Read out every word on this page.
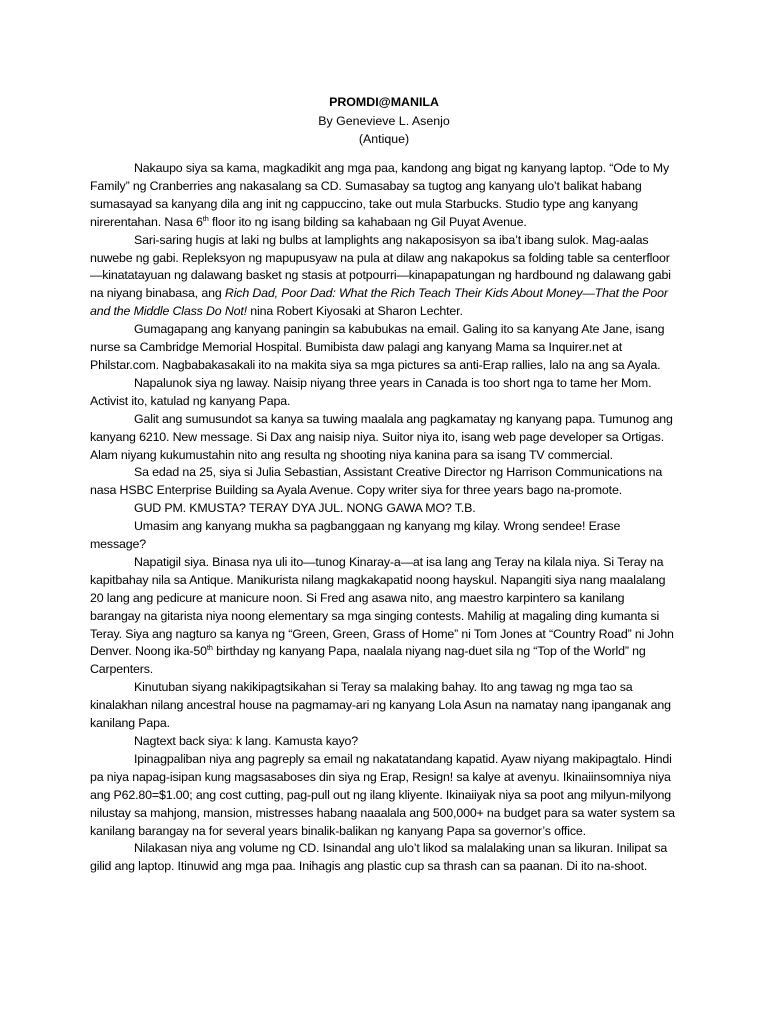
PROMDI@MANILA
By Genevieve L. Asenjo
(Antique)

Nakaupo siya sa kama, magkadikit ang mga paa, kandong ang bigat ng kanyang laptop. “Ode to My Family” ng Cranberries ang nakasalang sa CD. Sumasabay sa tugtog ang kanyang ulo’t balikat habang sumasayad sa kanyang dila ang init ng cappuccino, take out mula Starbucks. Studio type ang kanyang nirerentahan. Nasa 6th floor ito ng isang bilding sa kahabaan ng Gil Puyat Avenue.

Sari-saring hugis at laki ng bulbs at lamplights ang nakaposisyon sa iba’t ibang sulok. Mag-aalas nuwebe ng gabi. Repleksyon ng mapupusyaw na pula at dilaw ang nakapokus sa folding table sa centerfloor—kinatatayuan ng dalawang basket ng stasis at potpourri—kinapapatungan ng hardbound ng dalawang gabi na niyang binabasa, ang Rich Dad, Poor Dad: What the Rich Teach Their Kids About Money—That the Poor and the Middle Class Do Not! nina Robert Kiyosaki at Sharon Lechter.

Gumagapang ang kanyang paningin sa kabubukas na email. Galing ito sa kanyang Ate Jane, isang nurse sa Cambridge Memorial Hospital. Bumibista daw palagi ang kanyang Mama sa Inquirer.net at Philstar.com. Nagbabakasakali ito na makita siya sa mga pictures sa anti-Erap rallies, lalo na ang sa Ayala.

Napalunok siya ng laway. Naisip niyang three years in Canada is too short nga to tame her Mom. Activist ito, katulad ng kanyang Papa.

Galit ang sumusundot sa kanya sa tuwing maalala ang pagkamatay ng kanyang papa. Tumunog ang kanyang 6210. New message. Si Dax ang naisip niya. Suitor niya ito, isang web page developer sa Ortigas. Alam niyang kukumustahin nito ang resulta ng shooting niya kanina para sa isang TV commercial.

Sa edad na 25, siya si Julia Sebastian, Assistant Creative Director ng Harrison Communications na nasa HSBC Enterprise Building sa Ayala Avenue. Copy writer siya for three years bago na-promote.

GUD PM. KMUSTA? TERAY DYA JUL. NONG GAWA MO? T.B.

Umasim ang kanyang mukha sa pagbanggaan ng kanyang mg kilay. Wrong sendee! Erase message?

Napatigil siya. Binasa nya uli ito—tunog Kinaray-a—at isa lang ang Teray na kilala niya. Si Teray na kapitbahay nila sa Antique. Manikurista nilang magkakapatid noong hayskul. Napangiti siya nang maalalang 20 lang ang pedicure at manicure noon. Si Fred ang asawa nito, ang maestro karpintero sa kanilang barangay na gitarista niya noong elementary sa mga singing contests. Mahilig at magaling ding kumanta si Teray. Siya ang nagturo sa kanya ng “Green, Green, Grass of Home” ni Tom Jones at “Country Road” ni John Denver. Noong ika-50th birthday ng kanyang Papa, naalala niyang nag-duet sila ng “Top of the World” ng Carpenters.

Kinutuban siyang nakikipagtsikahan si Teray sa malaking bahay. Ito ang tawag ng mga tao sa kinalakhan nilang ancestral house na pagmamay-ari ng kanyang Lola Asun na namatay nang ipanganak ang kanilang Papa.

Nagtext back siya: k lang. Kamusta kayo?

Ipinagpaliban niya ang pagreply sa email ng nakatatandang kapatid. Ayaw niyang makipagtalo. Hindi pa niya napag-isipan kung magsasaboses din siya ng Erap, Resign! sa kalye at avenyu. Ikinaiinsomniya niya ang P62.80=$1.00; ang cost cutting, pag-pull out ng ilang kliyente. Ikinaiiyak niya sa poot ang milyun-milyong nilustay sa mahjong, mansion, mistresses habang naaalala ang 500,000+ na budget para sa water system sa kanilang barangay na for several years binalik-balikan ng kanyang Papa sa governor’s office.

Nilakasan niya ang volume ng CD. Isinandal ang ulo’t likod sa malalaking unan sa likuran. Inilipat sa gilid ang laptop. Itinuwid ang mga paa. Inihagis ang plastic cup sa thrash can sa paanan. Di ito na-shoot.
